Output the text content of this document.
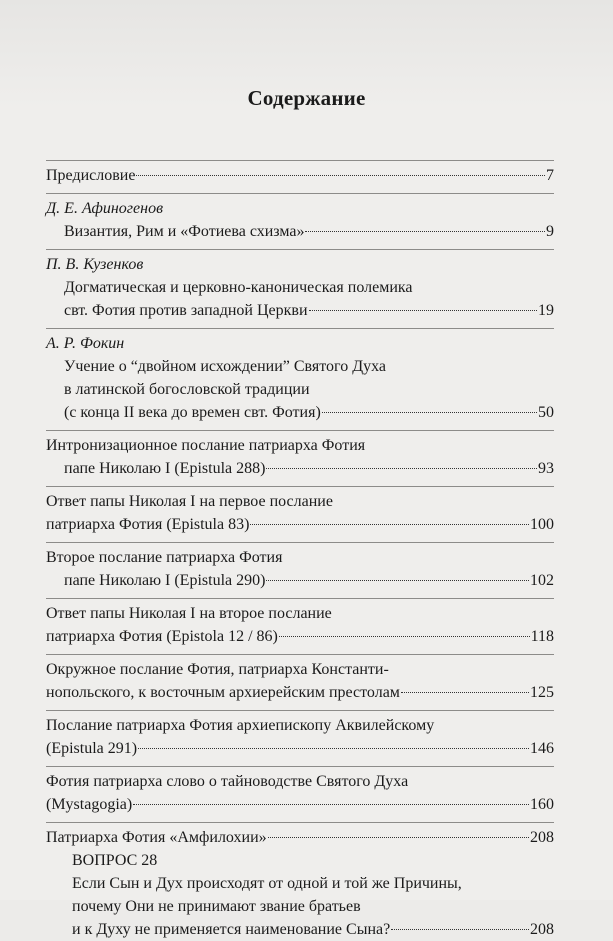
Содержание
Предисловие	7
Д. Е. Афиногенов
Византия, Рим и «Фотиева схизма»	9
П. В. Кузенков
Догматическая и церковно-каноническая полемика
свт. Фотия против западной Церкви	19
А. Р. Фокин
Учение о “двойном исхождении” Святого Духа
в латинской богословской традиции
(с конца II века до времен свт. Фотия)	50
Интронизационное послание патриарха Фотия
папе Николаю I (Epistula 288)	93
Ответ папы Николая I на первое послание
патриарха Фотия (Epistula 83)	100
Второе послание патриарха Фотия
папе Николаю I (Epistula 290)	102
Ответ папы Николая I на второе послание
патриарха Фотия (Epistola 12 / 86)	118
Окружное послание Фотия, патриарха Константи-
нопольского, к восточным архиерейским престолам	125
Послание патриарха Фотия архиепископу Аквилейскому
(Epistula 291)	146
Фотия патриарха слово о тайноводстве Святого Духа
(Mystagogia)	160
Патриарха Фотия «Амфилохии»	208
ВОПРОС 28
Если Сын и Дух происходят от одной и той же Причины,
почему Они не принимают звание братьев
и к Духу не применяется наименование Сына?	208
